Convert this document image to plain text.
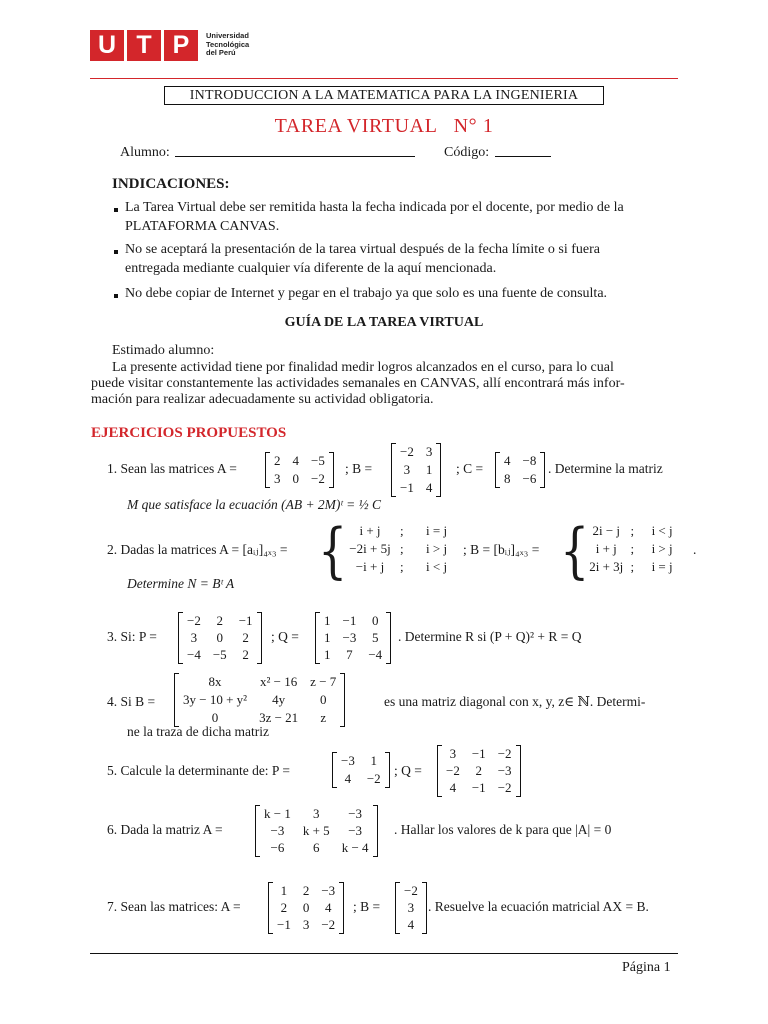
U T P	Universidad
Tecnológica
del Perú
INTRODUCCION A LA MATEMATICA PARA LA INGENIERIA
TAREA VIRTUAL   N° 1
Alumno:	Código:
INDICACIONES:
La Tarea Virtual debe ser remitida hasta la fecha indicada por el docente, por medio de la
PLATAFORMA CANVAS.
No se aceptará la presentación de la tarea virtual después de la fecha límite o si fuera
entregada mediante cualquier vía diferente de la aquí mencionada.
No debe copiar de Internet y pegar en el trabajo ya que solo es una fuente de consulta.
GUÍA DE LA TAREA VIRTUAL
Estimado alumno:
La presente actividad tiene por finalidad medir logros alcanzados en el curso, para lo cual
puede visitar constantemente las actividades semanales en CANVAS, allí encontrará más infor-
mación para realizar adecuadamente su actividad obligatoria.
EJERCICIOS PROPUESTOS
1. Sean las matrices A =
2 4 −5
3 0 −2
; B =
−2 3
3 1
−1 4
; C =
4 −8
8 −6
. Determine la matriz
M que satisface la ecuación (AB + 2M)ᵗ = ½ C
2. Dadas la matrices A = [aᵢⱼ]₄ₓ₃ = { i + j	;	i = j
−2i + 5j ;	i > j
−i + j	;	i < j
; B = [bᵢⱼ]₄ₓ₃ = { 2i − j ;	i < j
i + j	;	i > j
2i + 3j ;	i = j
.
Determine N = Bᵗ A
3. Si: P =
−2 2 −1
3 0 2
−4 −5 2
; Q =
1 −1 0
1 −3 5
1 7 −4
. Determine R si (P + Q)² + R = Q
4. Si B =
8x	x² − 16 z − 7
3y − 10 + y²	4y	0
0	3z − 21	z
es una matriz diagonal con x, y, z∈ ℕ. Determi-
ne la traza de dicha matriz
5. Calcule la determinante de: P =
−3 1
4 −2
; Q =
3 −1 −2
−2 2 −3
4 −1 −2
6. Dada la matriz A =
k − 1	3	−3
−3	k + 5	−3
−6	6	k − 4
. Hallar los valores de k para que |A| = 0
7. Sean las matrices: A =
1 2 −3
2 0 4
−1 3 −2
; B =
−2
3
4
. Resuelve la ecuación matricial AX = B.
Página 1
